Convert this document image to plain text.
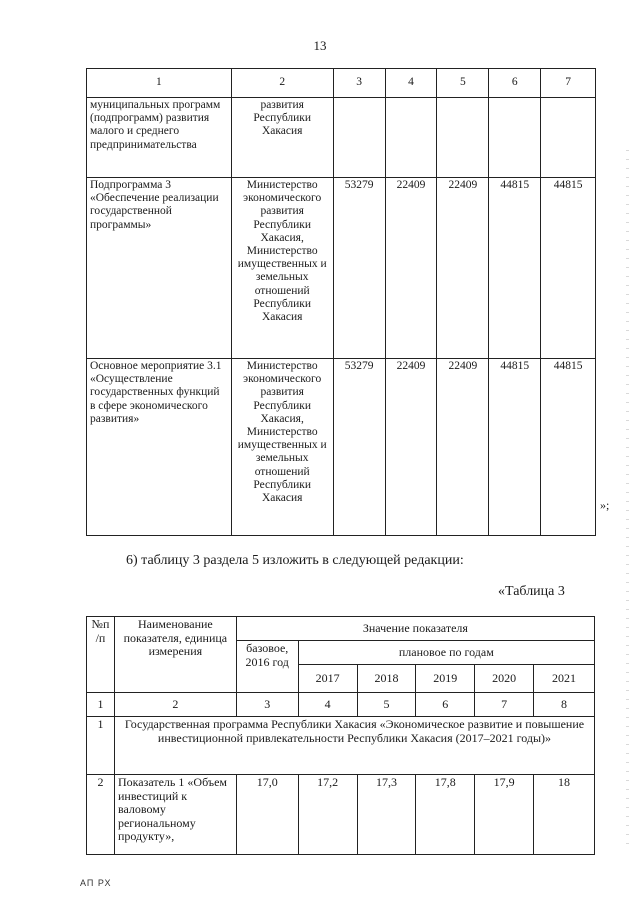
13
1	2	3	4	5	6	7
муниципальных программ (подпрограмм) развития малого и среднего предпринимательства	развития Республики Хакасия					
Подпрограмма 3 «Обеспечение реализации государственной программы»	Министерство экономического развития Республики Хакасия, Министерство имущественных и земельных отношений Республики Хакасия	53279	22409	22409	44815	44815
Основное мероприятие 3.1 «Осуществление государственных функций в сфере экономического развития»	Министерство экономического развития Республики Хакасия, Министерство имущественных и земельных отношений Республики Хакасия	53279	22409	22409	44815	44815
»;
6) таблицу 3 раздела 5 изложить в следующей редакции:
«Таблица 3
№п /п	Наименование показателя, единица измерения	Значение показателя					
		базовое, 2016 год	плановое по годам				
			2017	2018	2019	2020	2021
1	2	3	4	5	6	7	8
1	Государственная программа Республики Хакасия «Экономическое развитие и повышение инвестиционной привлекательности Республики Хакасия (2017–2021 годы)»						
2	Показатель 1 «Объем инвестиций к валовому региональному продукту»,	17,0	17,2	17,3	17,8	17,9	18
АП РХ
